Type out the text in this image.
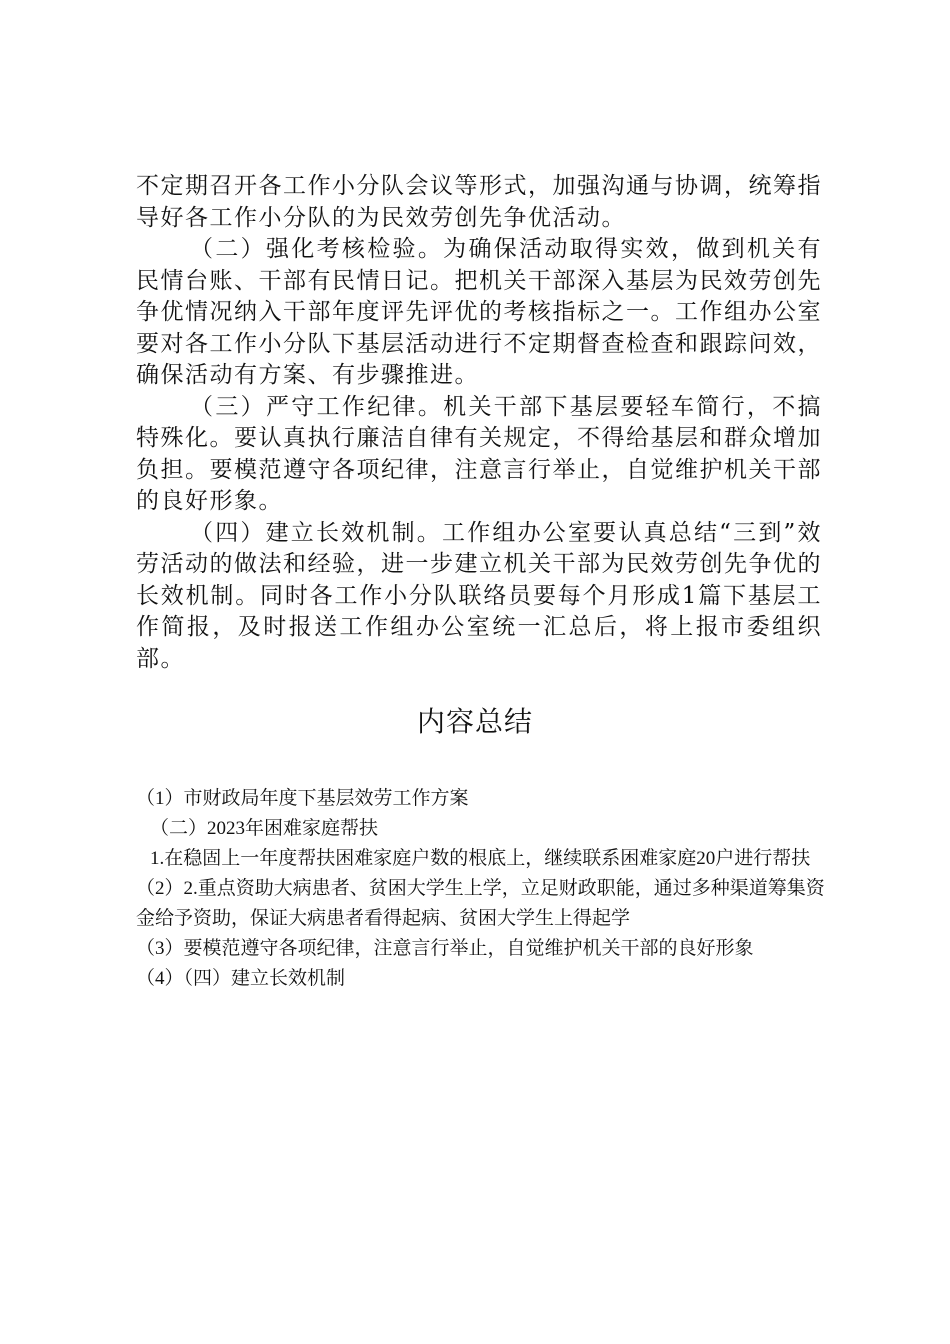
不定期召开各工作小分队会议等形式，加强沟通与协调，统筹指导好各工作小分队的为民效劳创先争优活动。

（二）强化考核检验。为确保活动取得实效，做到机关有民情台账、干部有民情日记。把机关干部深入基层为民效劳创先争优情况纳入干部年度评先评优的考核指标之一。工作组办公室要对各工作小分队下基层活动进行不定期督查检查和跟踪问效，确保活动有方案、有步骤推进。

（三）严守工作纪律。机关干部下基层要轻车简行，不搞特殊化。要认真执行廉洁自律有关规定，不得给基层和群众增加负担。要模范遵守各项纪律，注意言行举止，自觉维护机关干部的良好形象。

（四）建立长效机制。工作组办公室要认真总结“三到”效劳活动的做法和经验，进一步建立机关干部为民效劳创先争优的长效机制。同时各工作小分队联络员要每个月形成1篇下基层工作简报，及时报送工作组办公室统一汇总后，将上报市委组织部。

内容总结

（1）市财政局年度下基层效劳工作方案

（二）2023年困难家庭帮扶

1.在稳固上一年度帮扶困难家庭户数的根底上，继续联系困难家庭20户进行帮扶

（2）2.重点资助大病患者、贫困大学生上学，立足财政职能，通过多种渠道筹集资金给予资助，保证大病患者看得起病、贫困大学生上得起学

（3）要模范遵守各项纪律，注意言行举止，自觉维护机关干部的良好形象

（4）（四）建立长效机制
